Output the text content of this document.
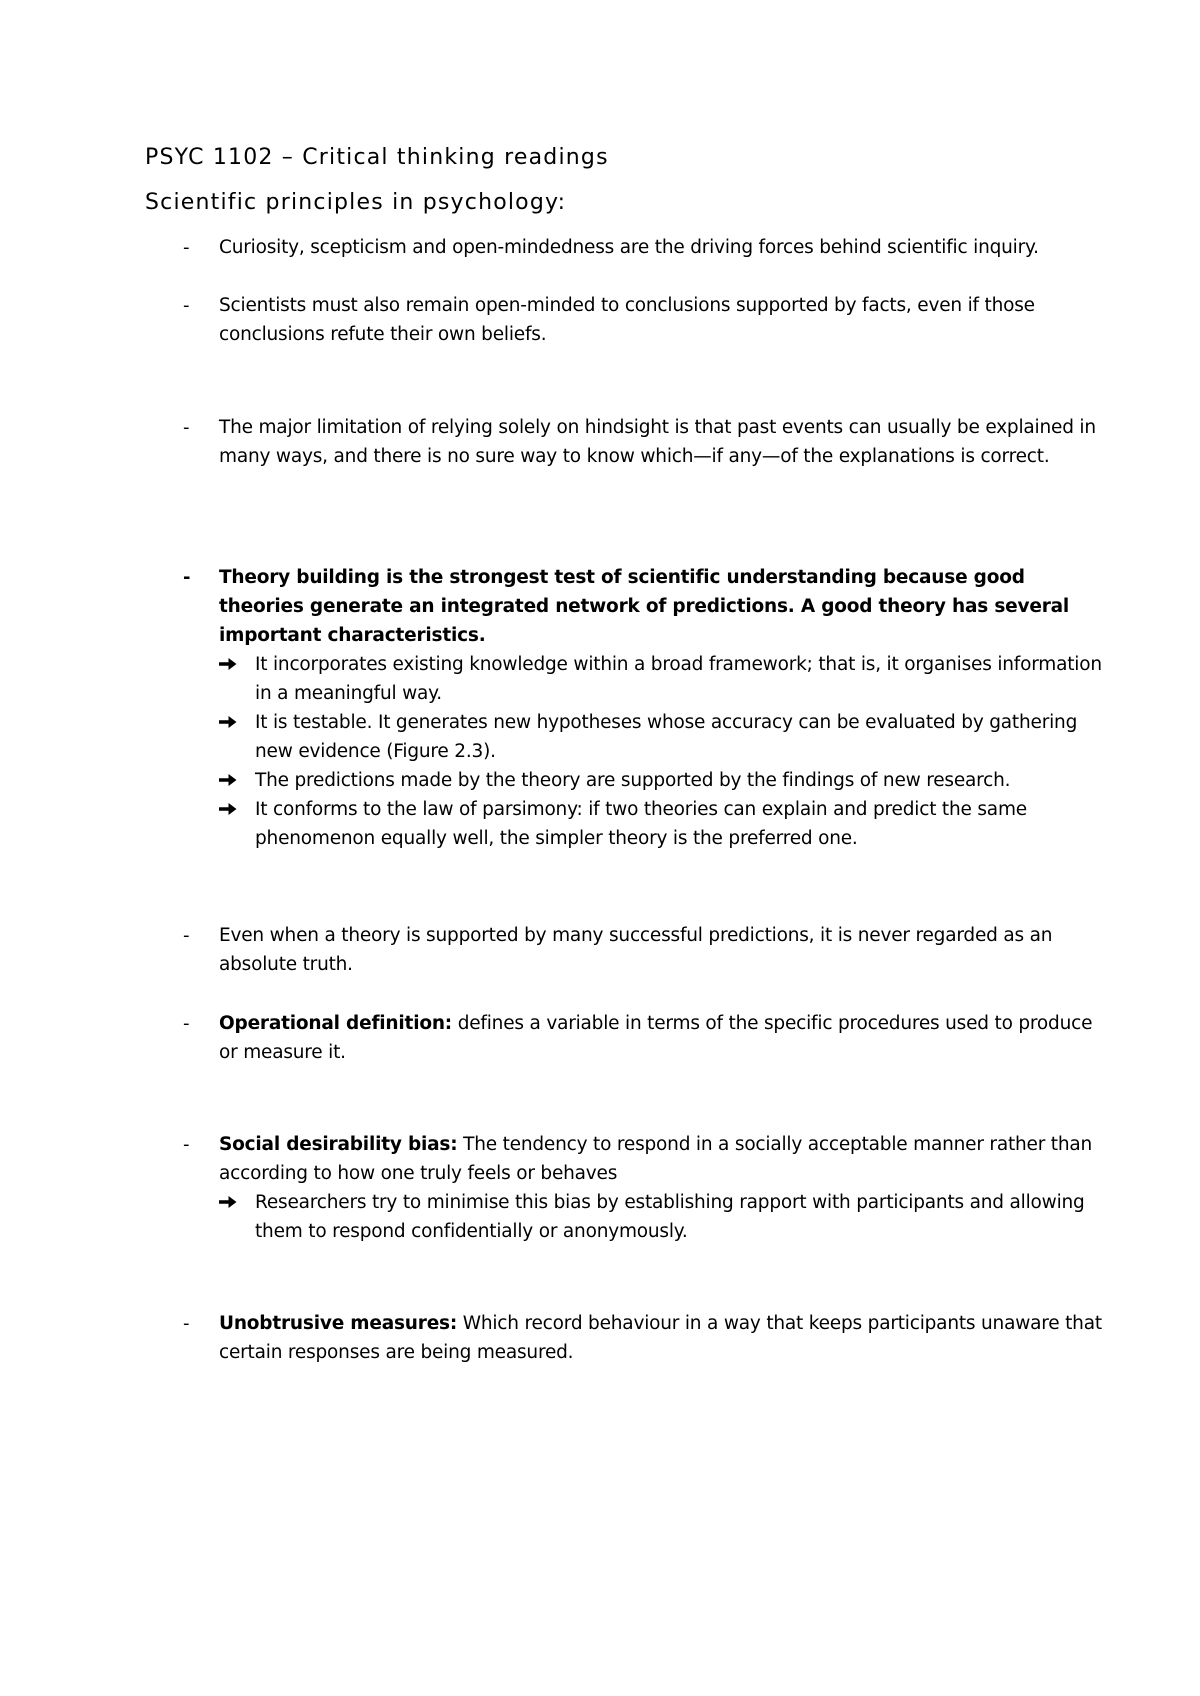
PSYC 1102 – Critical thinking readings
Scientific principles in psychology:
-	Curiosity, scepticism and open-mindedness are the driving forces behind scientific inquiry.
-	Scientists must also remain open-minded to conclusions supported by facts, even if those conclusions refute their own beliefs.
-	The major limitation of relying solely on hindsight is that past events can usually be explained in many ways, and there is no sure way to know which—if any—of the explanations is correct.
-	Theory building is the strongest test of scientific understanding because good theories generate an integrated network of predictions. A good theory has several important characteristics.
It incorporates existing knowledge within a broad framework; that is, it organises information in a meaningful way.
It is testable. It generates new hypotheses whose accuracy can be evaluated by gathering new evidence (Figure 2.3).
The predictions made by the theory are supported by the findings of new research.
It conforms to the law of parsimony: if two theories can explain and predict the same phenomenon equally well, the simpler theory is the preferred one.
-	Even when a theory is supported by many successful predictions, it is never regarded as an absolute truth.
-	Operational definition: defines a variable in terms of the specific procedures used to produce or measure it.
-	Social desirability bias: The tendency to respond in a socially acceptable manner rather than according to how one truly feels or behaves
Researchers try to minimise this bias by establishing rapport with participants and allowing them to respond confidentially or anonymously.
-	Unobtrusive measures: Which record behaviour in a way that keeps participants unaware that certain responses are being measured.
